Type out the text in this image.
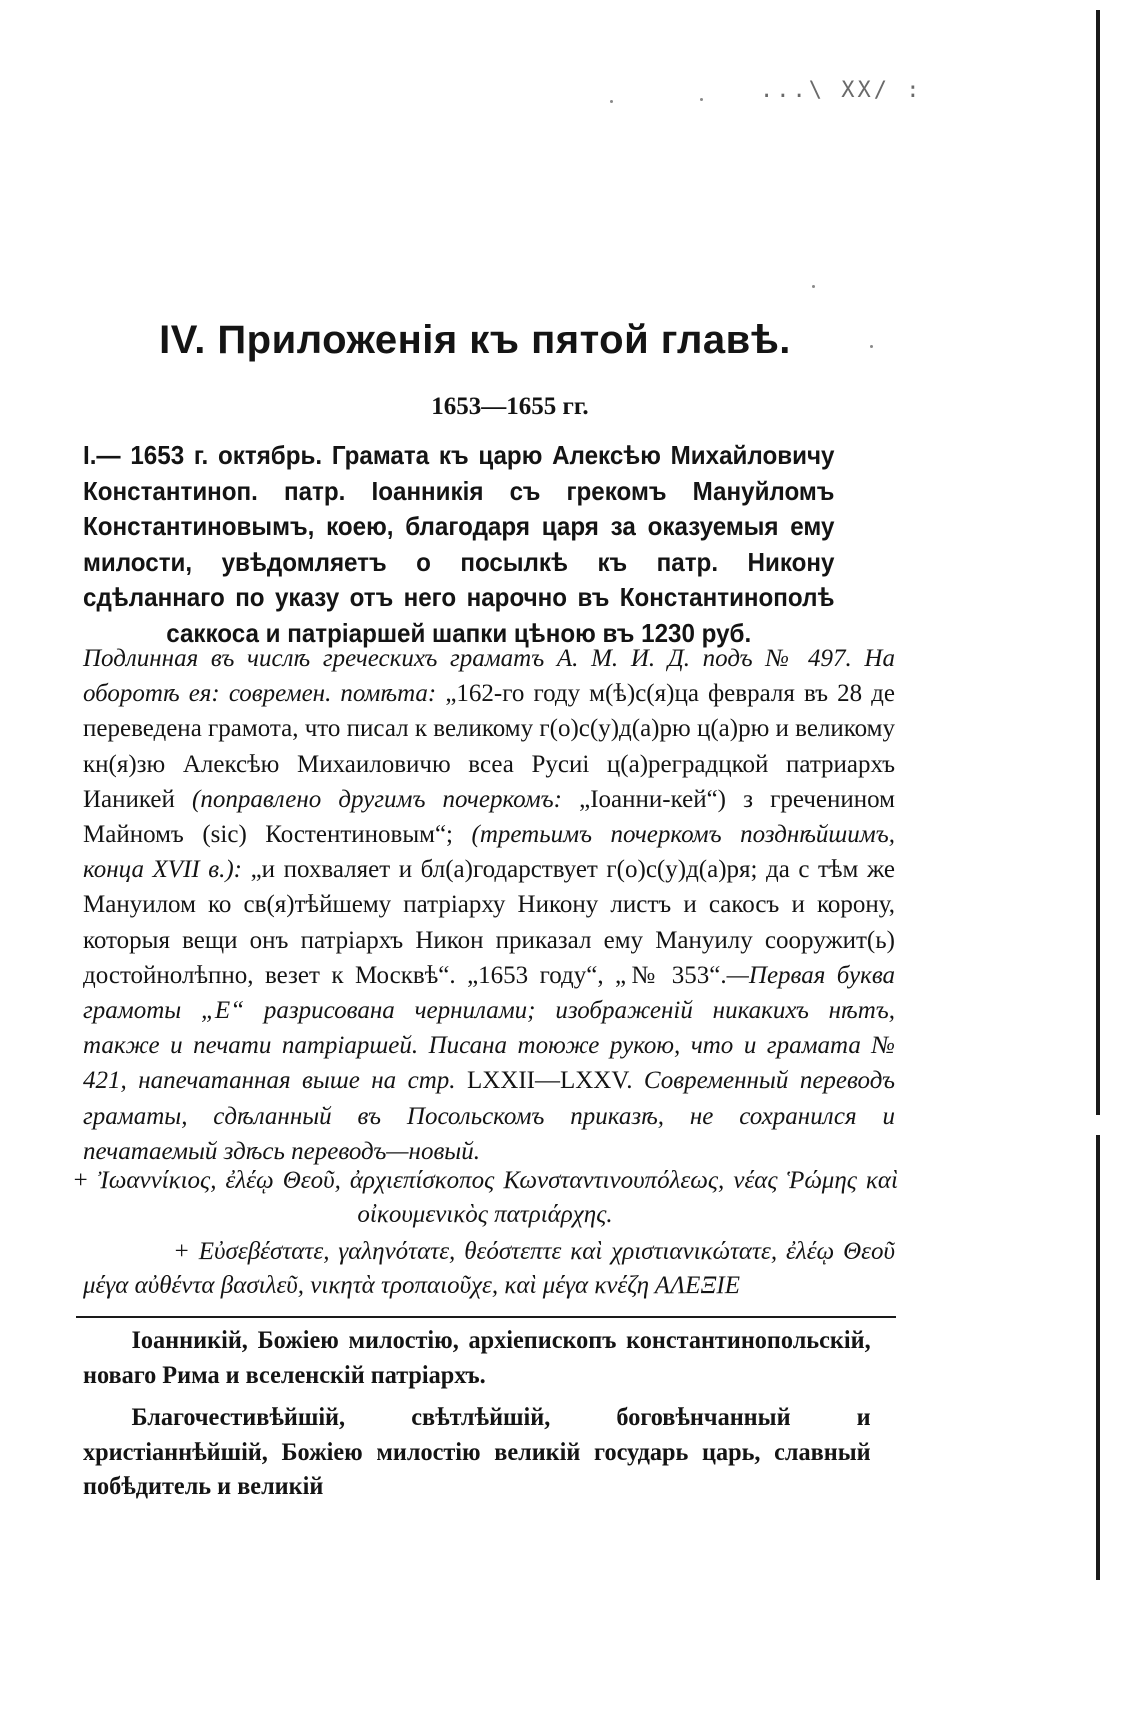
...\ XX/ :
IV. Приложенія къ пятой главѣ.
1653—1655 гг.
I.— 1653 г. октябрь. Грамата къ царю Алексѣю Михайловичу Константиноп. патр. Іоанникія съ грекомъ Мануйломъ Константиновымъ, коею, благодаря царя за оказуемыя ему милости, увѣдомляетъ о посылкѣ къ патр. Никону сдѣланнаго по указу отъ него нарочно въ Константинополѣ саккоса и патріаршей шапки цѣною въ 1230 руб.
Подлинная въ числѣ греческихъ граматъ А. М. И. Д. подъ № 497. На оборотѣ ея: современ. помѣта: „162-го году м(ѣ)с(я)ца февраля въ 28 де переведена грамота, что писал к великому г(о)с(у)д(а)рю ц(а)рю и великому кн(я)зю Алексѣю Михаиловичю всеа Русиі ц(а)реградцкой патриархъ Ианикей (поправлено другимъ почеркомъ: „Іоанни-кей“) з греченином Майномъ (sic) Костентиновым“; (третьимъ почеркомъ позднѣйшимъ, конца XVII в.): „и похваляет и бл(а)годарствует г(о)с(у)д(а)ря; да с тѣм же Мануилом ко св(я)тѣйшему патріарху Никону листъ и сакосъ и корону, которыя вещи онъ патріархъ Никон приказал ему Мануилу сооружит(ь) достойнолѣпно, везет к Москвѣ“. „1653 году“, „№ 353“.—Первая буква грамоты „Е“ разрисована чернилами; изображеній никакихъ нѣтъ, также и печати патріаршей. Писана тоюже рукою, что и грамата № 421, напечатанная выше на стр. LXXII—LXXV. Современный переводъ граматы, сдѣланный въ Посольскомъ приказѣ, не сохранился и печатаемый здѣсь переводъ—новый.
+ Ἰωαννίκιος, ἐλέῳ Θεοῦ, ἀρχιεπίσκοπος Κωνσταντινουπόλεως, νέας Ῥώμης καὶ οἰκουμενικὸς πατριάρχης.
+ Εὐσεβέστατε, γαληνότατε, θεόστεπτε καὶ χριστιανικώτατε, ἐλέῳ Θεοῦ μέγα αὐθέντα βασιλεῦ, νικητὰ τροπαιοῦχε, καὶ μέγα κνέζη ΑΛΕΞΙΕ

Іоанникій, Божіею милостію, архіепископъ константинопольскій, новаго Рима и вселенскій патріархъ.

Благочестивѣйшій, свѣтлѣйшій, боговѣнчанный и христіаннѣйшій, Божіею милостію великій государь царь, славный побѣдитель и великій
